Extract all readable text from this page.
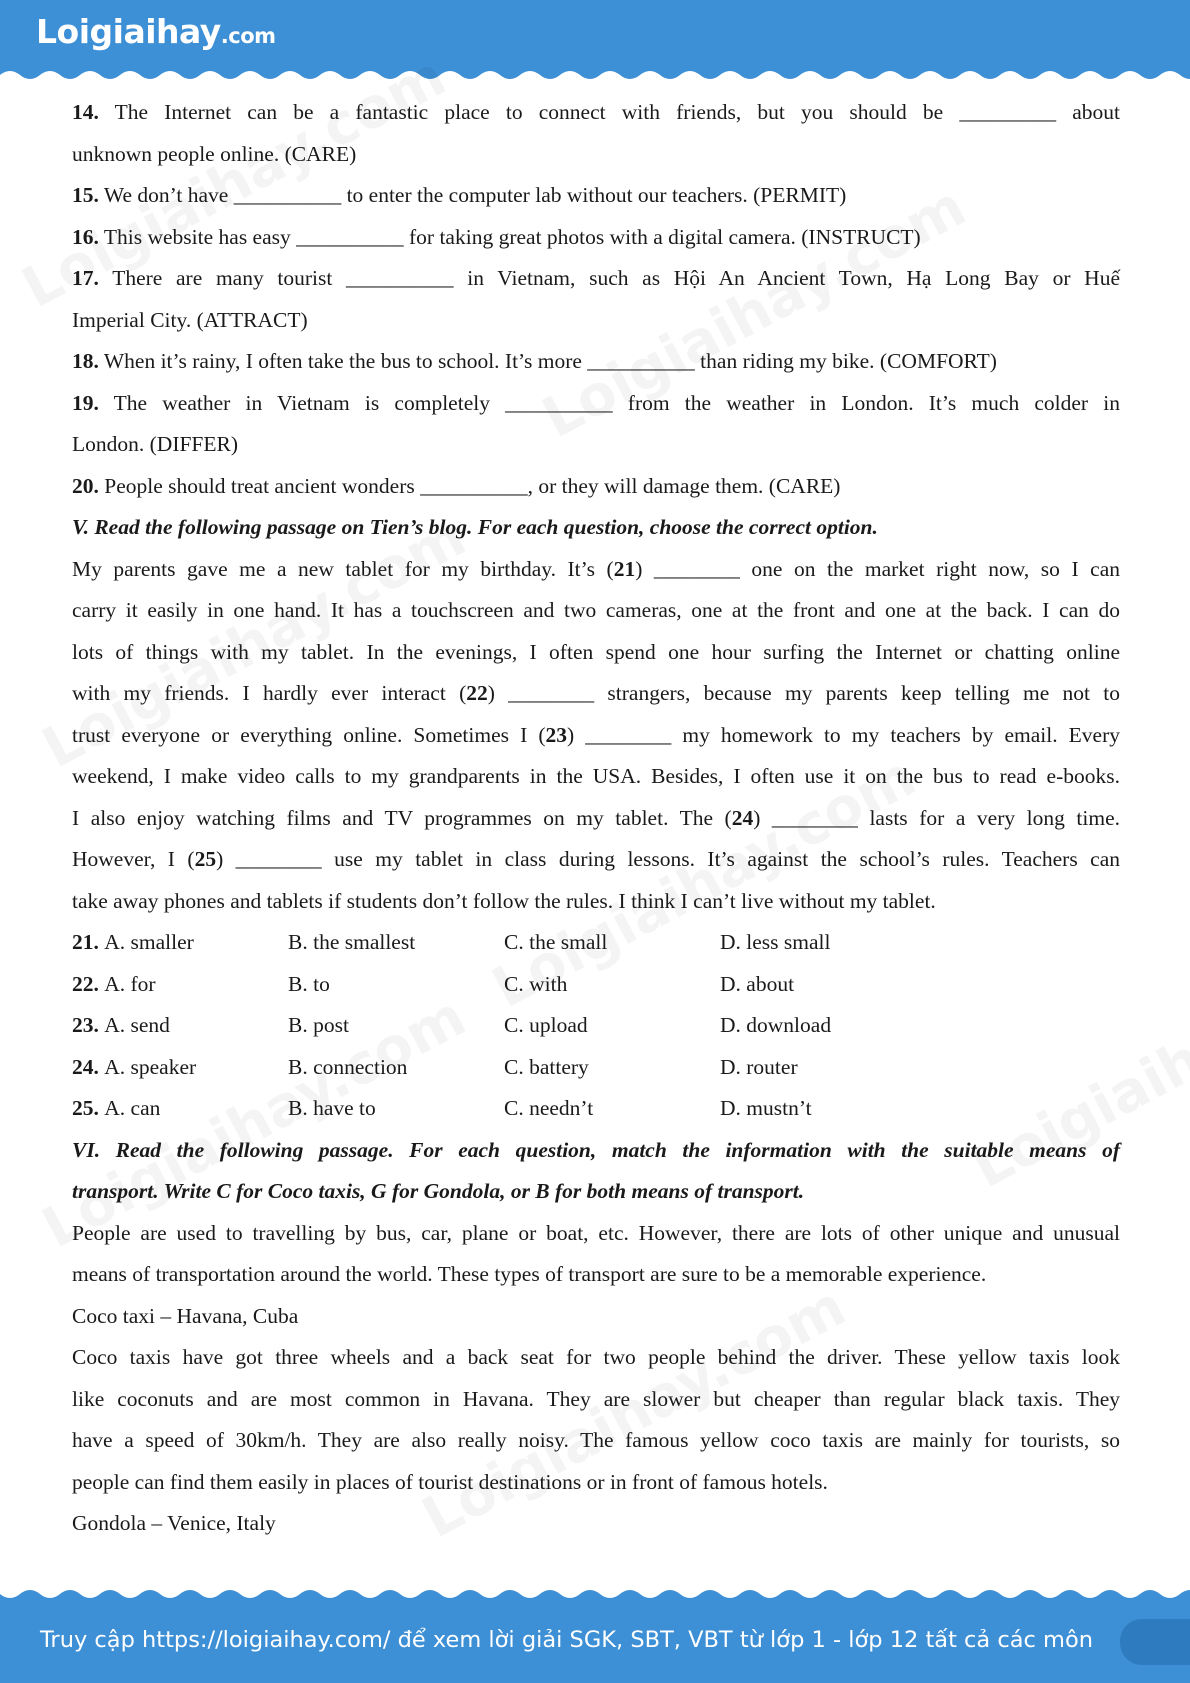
Loigiaihay.com

14. The Internet can be a fantastic place to connect with friends, but you should be _________ about

unknown people online. (CARE)

15. We don’t have __________ to enter the computer lab without our teachers. (PERMIT)

16. This website has easy __________ for taking great photos with a digital camera. (INSTRUCT)

17. There are many tourist __________ in Vietnam, such as Hội An Ancient Town, Hạ Long Bay or Huế

Imperial City. (ATTRACT)

18. When it’s rainy, I often take the bus to school. It’s more __________ than riding my bike. (COMFORT)

19. The weather in Vietnam is completely __________ from the weather in London. It’s much colder in

London. (DIFFER)

20. People should treat ancient wonders __________, or they will damage them. (CARE)

V. Read the following passage on Tien’s blog. For each question, choose the correct option.

My parents gave me a new tablet for my birthday. It’s (21) ________ one on the market right now, so I can

carry it easily in one hand. It has a touchscreen and two cameras, one at the front and one at the back. I can do

lots of things with my tablet. In the evenings, I often spend one hour surfing the Internet or chatting online

with my friends. I hardly ever interact (22) ________ strangers, because my parents keep telling me not to

trust everyone or everything online. Sometimes I (23) ________ my homework to my teachers by email. Every

weekend, I make video calls to my grandparents in the USA. Besides, I often use it on the bus to read e-books.

I also enjoy watching films and TV programmes on my tablet. The (24) ________ lasts for a very long time.

However, I (25) ________ use my tablet in class during lessons. It’s against the school’s rules. Teachers can

take away phones and tablets if students don’t follow the rules. I think I can’t live without my tablet.

21. A. smaller	B. the smallest	C. the small	D. less small
22. A. for	B. to	C. with	D. about
23. A. send	B. post	C. upload	D. download
24. A. speaker	B. connection	C. battery	D. router
25. A. can	B. have to	C. needn’t	D. mustn’t

VI. Read the following passage. For each question, match the information with the suitable means of

transport. Write C for Coco taxis, G for Gondola, or B for both means of transport.

People are used to travelling by bus, car, plane or boat, etc. However, there are lots of other unique and unusual

means of transportation around the world. These types of transport are sure to be a memorable experience.

Coco taxi – Havana, Cuba

Coco taxis have got three wheels and a back seat for two people behind the driver. These yellow taxis look

like coconuts and are most common in Havana. They are slower but cheaper than regular black taxis. They

have a speed of 30km/h. They are also really noisy. The famous yellow coco taxis are mainly for tourists, so

people can find them easily in places of tourist destinations or in front of famous hotels.

Gondola – Venice, Italy

Truy cập https://loigiaihay.com/ để xem lời giải SGK, SBT, VBT từ lớp 1 - lớp 12 tất cả các môn
